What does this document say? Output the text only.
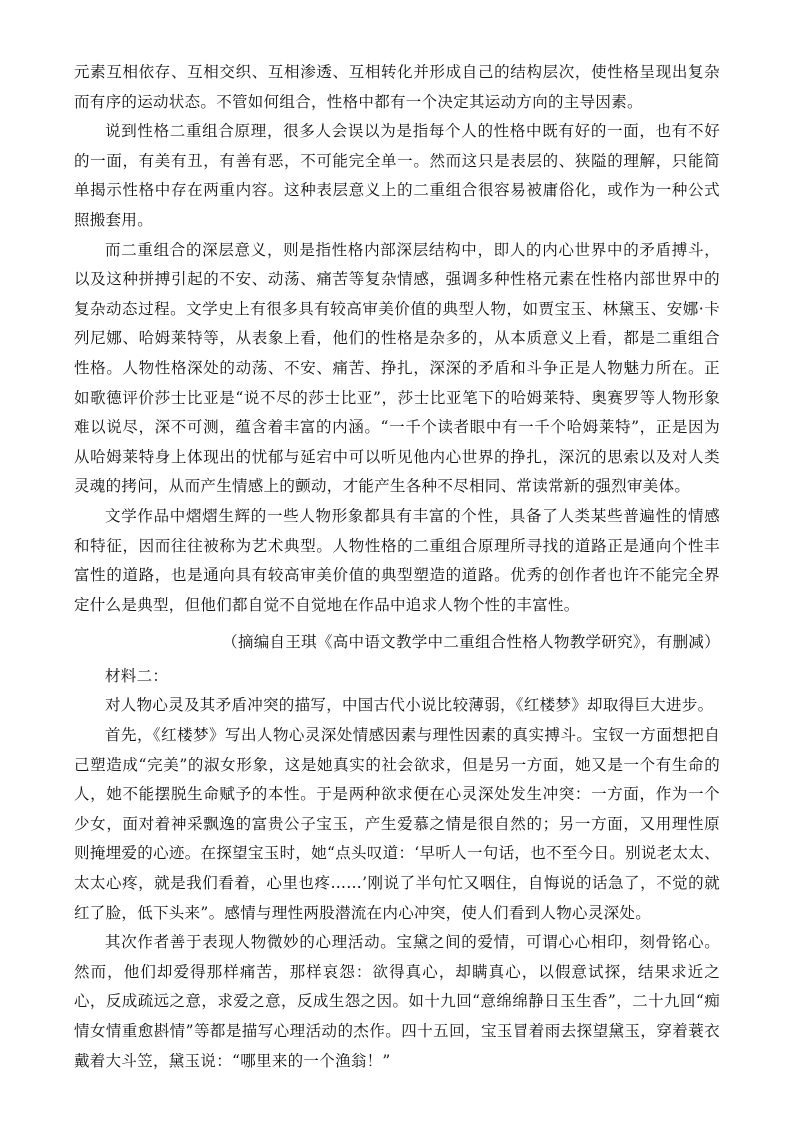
元素互相依存、互相交织、互相渗透、互相转化并形成自己的结构层次，使性格呈现出复杂而有序的运动状态。不管如何组合，性格中都有一个决定其运动方向的主导因素。

说到性格二重组合原理，很多人会误以为是指每个人的性格中既有好的一面，也有不好的一面，有美有丑，有善有恶，不可能完全单一。然而这只是表层的、狭隘的理解，只能简单揭示性格中存在两重内容。这种表层意义上的二重组合很容易被庸俗化，或作为一种公式照搬套用。

而二重组合的深层意义，则是指性格内部深层结构中，即人的内心世界中的矛盾搏斗，以及这种拼搏引起的不安、动荡、痛苦等复杂情感，强调多种性格元素在性格内部世界中的复杂动态过程。文学史上有很多具有较高审美价值的典型人物，如贾宝玉、林黛玉、安娜·卡列尼娜、哈姆莱特等，从表象上看，他们的性格是杂多的，从本质意义上看，都是二重组合性格。人物性格深处的动荡、不安、痛苦、挣扎，深深的矛盾和斗争正是人物魅力所在。正如歌德评价莎士比亚是“说不尽的莎士比亚”，莎士比亚笔下的哈姆莱特、奥赛罗等人物形象难以说尽，深不可测，蕴含着丰富的内涵。“一千个读者眼中有一千个哈姆莱特”，正是因为从哈姆莱特身上体现出的忧郁与延宕中可以听见他内心世界的挣扎，深沉的思索以及对人类灵魂的拷问，从而产生情感上的颤动，才能产生各种不尽相同、常读常新的强烈审美体。

文学作品中熠熠生辉的一些人物形象都具有丰富的个性，具备了人类某些普遍性的情感和特征，因而往往被称为艺术典型。人物性格的二重组合原理所寻找的道路正是通向个性丰富性的道路，也是通向具有较高审美价值的典型塑造的道路。优秀的创作者也许不能完全界定什么是典型，但他们都自觉不自觉地在作品中追求人物个性的丰富性。

（摘编自王琪《高中语文教学中二重组合性格人物教学研究》，有删减）

材料二：

对人物心灵及其矛盾冲突的描写，中国古代小说比较薄弱，《红楼梦》却取得巨大进步。

首先，《红楼梦》写出人物心灵深处情感因素与理性因素的真实搏斗。宝钗一方面想把自己塑造成“完美”的淑女形象，这是她真实的社会欲求，但是另一方面，她又是一个有生命的人，她不能摆脱生命赋予的本性。于是两种欲求便在心灵深处发生冲突：一方面，作为一个少女，面对着神采飘逸的富贵公子宝玉，产生爱慕之情是很自然的；另一方面，又用理性原则掩埋爱的心迹。在探望宝玉时，她“点头叹道：‘早听人一句话，也不至今日。别说老太太、太太心疼，就是我们看着，心里也疼……’刚说了半句忙又咽住，自悔说的话急了，不觉的就红了脸，低下头来”。感情与理性两股潜流在内心冲突，使人们看到人物心灵深处。

其次作者善于表现人物微妙的心理活动。宝黛之间的爱情，可谓心心相印，刻骨铭心。然而，他们却爱得那样痛苦，那样哀怨：欲得真心，却瞒真心，以假意试探，结果求近之心，反成疏远之意，求爱之意，反成生怨之因。如十九回“意绵绵静日玉生香”，二十九回“痴情女情重愈斟情”等都是描写心理活动的杰作。四十五回，宝玉冒着雨去探望黛玉，穿着蓑衣戴着大斗笠，黛玉说：“哪里来的一个渔翁！”
